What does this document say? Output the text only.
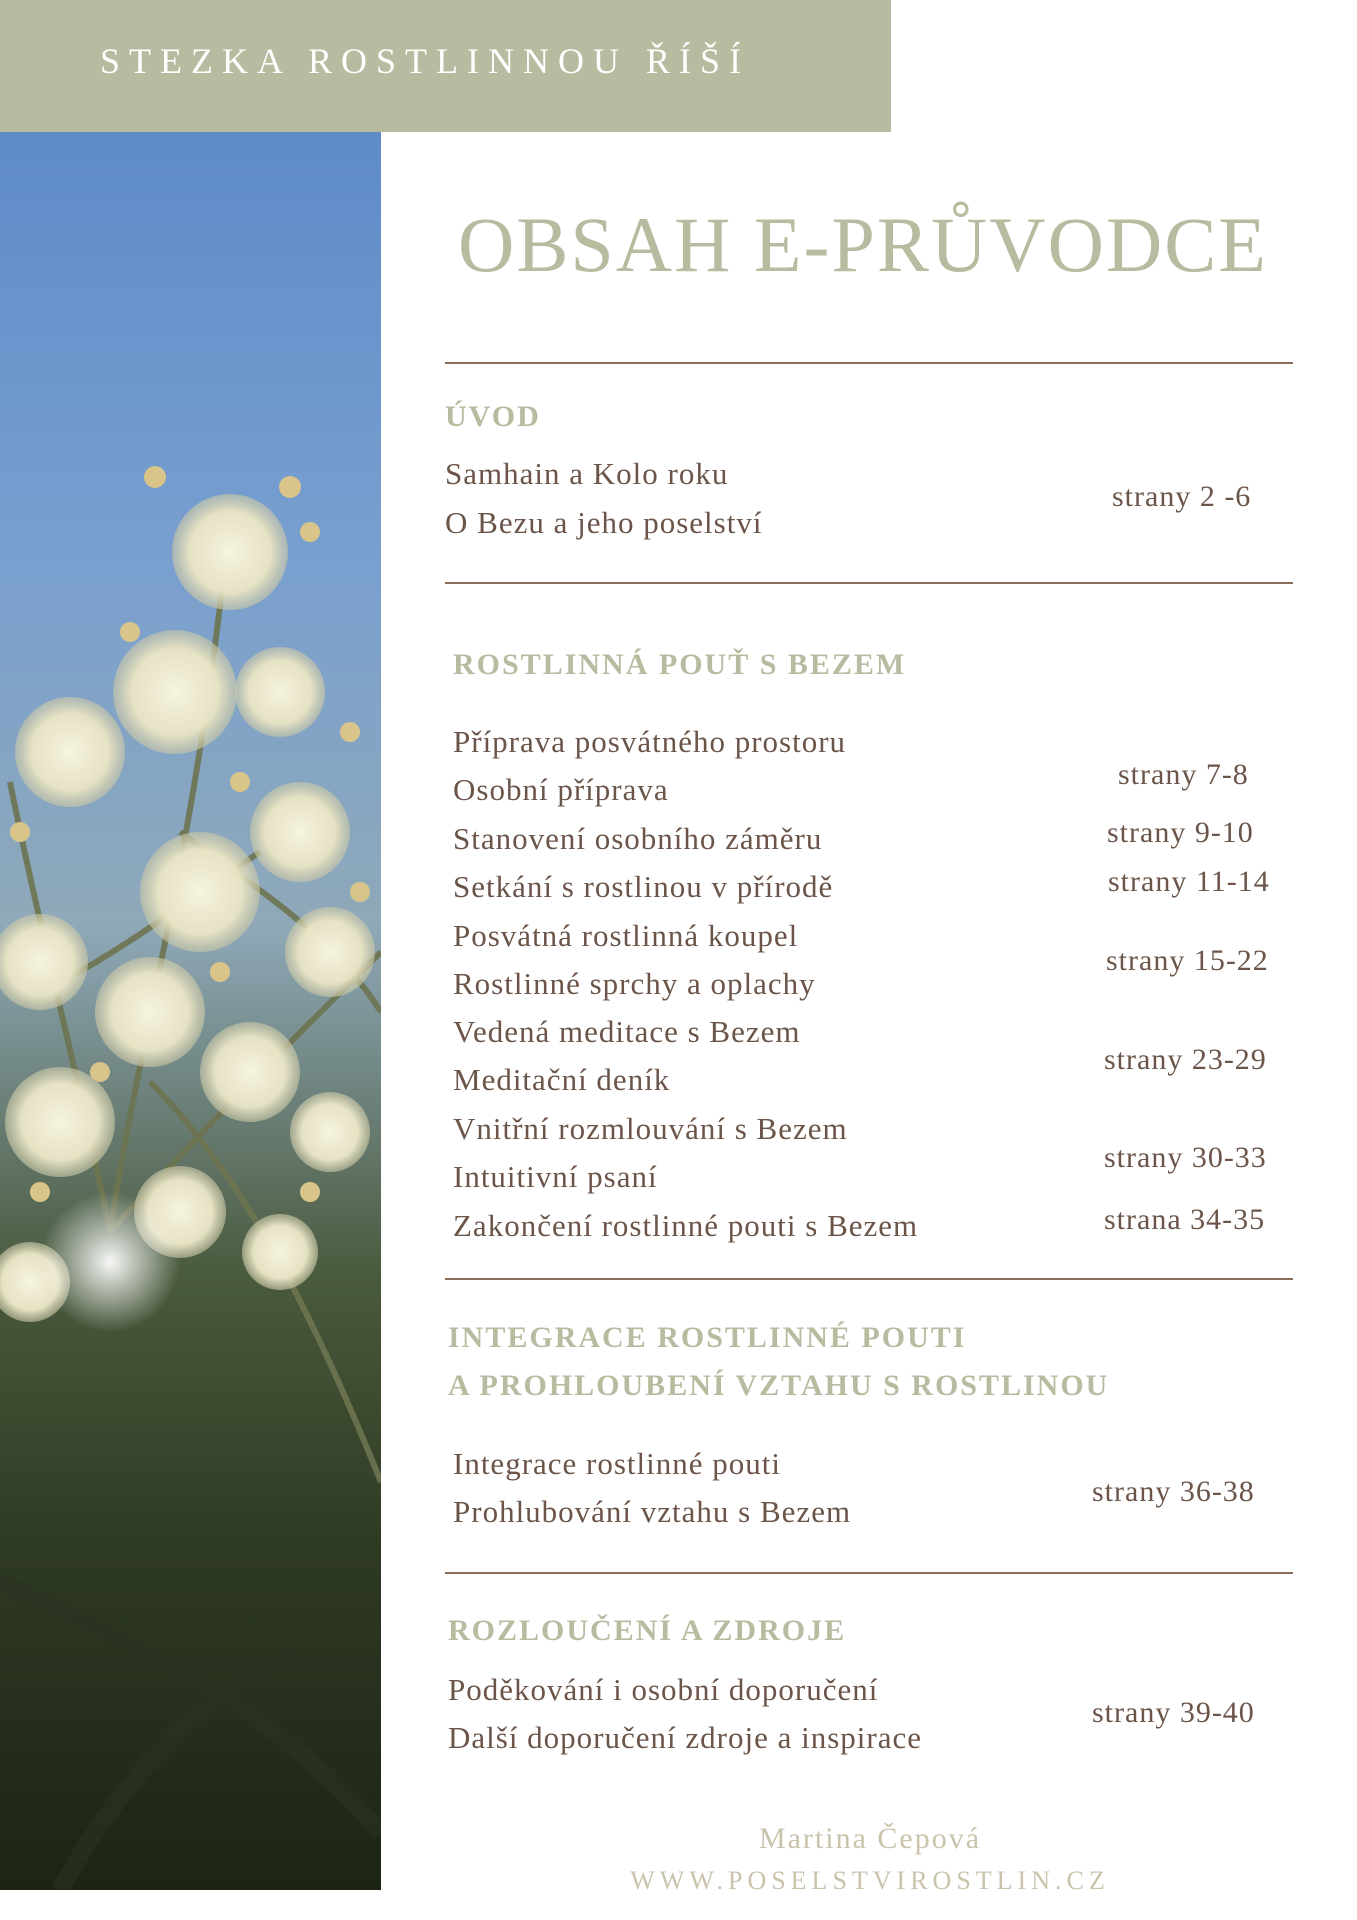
STEZKA ROSTLINNOU ŘÍŠÍ
OBSAH E-PRŮVODCE
ÚVOD
Samhain a Kolo roku
O Bezu a jeho poselství
strany 2 -6
ROSTLINNÁ POUŤ S BEZEM
Příprava posvátného prostoru
Osobní příprava
Stanovení osobního záměru
Setkání s rostlinou v přírodě
Posvátná rostlinná koupel
Rostlinné sprchy a oplachy
Vedená meditace s Bezem
Meditační deník
Vnitřní rozmlouvání s Bezem
Intuitivní psaní
Zakončení rostlinné pouti s Bezem
strany 7-8
strany 9-10
strany 11-14
strany 15-22
strany 23-29
strany 30-33
strana 34-35
INTEGRACE ROSTLINNÉ POUTI
A PROHLOUBENÍ VZTAHU S ROSTLINOU
Integrace rostlinné pouti
Prohlubování vztahu s Bezem
strany 36-38
ROZLOUČENÍ A ZDROJE
Poděkování i osobní doporučení
Další doporučení zdroje a inspirace
strany 39-40
Martina Čepová
WWW.POSELSTVIROSTLIN.CZ
